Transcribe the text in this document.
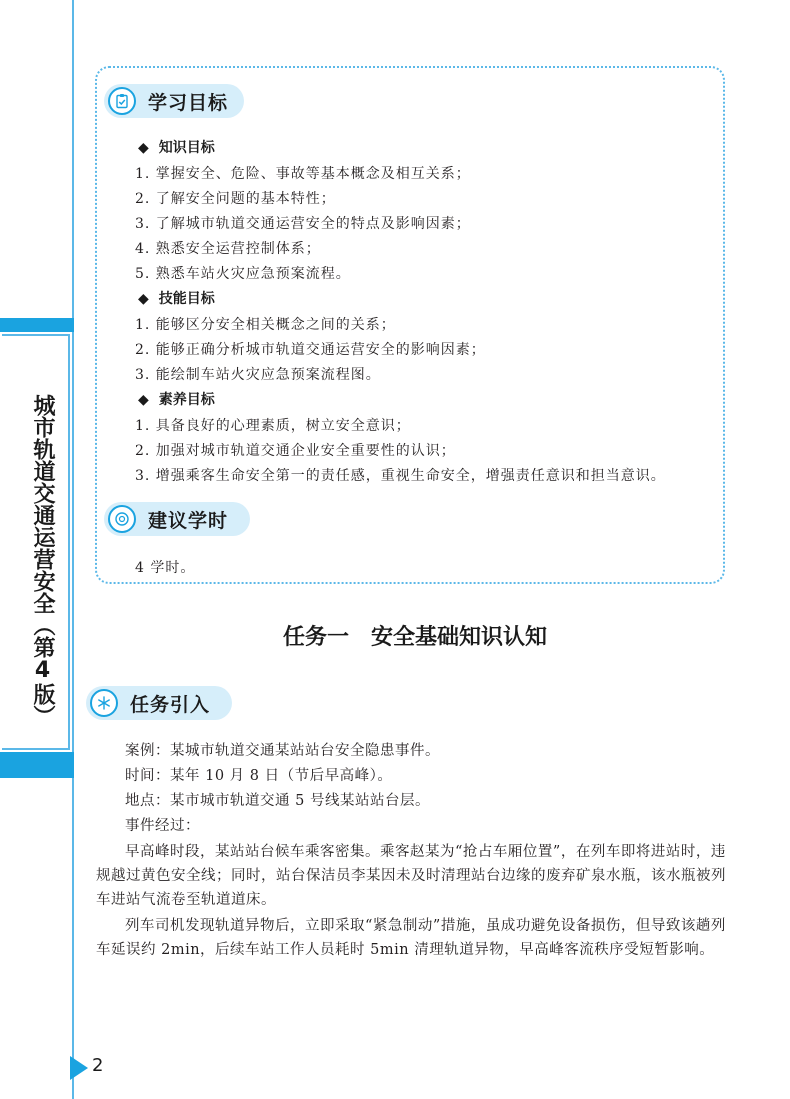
城市轨道交通运营安全（第4版）
2
学习目标
◆ 知识目标
1. 掌握安全、危险、事故等基本概念及相互关系；
2. 了解安全问题的基本特性；
3. 了解城市轨道交通运营安全的特点及影响因素；
4. 熟悉安全运营控制体系；
5. 熟悉车站火灾应急预案流程。
◆ 技能目标
1. 能够区分安全相关概念之间的关系；
2. 能够正确分析城市轨道交通运营安全的影响因素；
3. 能绘制车站火灾应急预案流程图。
◆ 素养目标
1. 具备良好的心理素质，树立安全意识；
2. 加强对城市轨道交通企业安全重要性的认识；
3. 增强乘客生命安全第一的责任感，重视生命安全，增强责任意识和担当意识。
建议学时
4 学时。
任务一　安全基础知识认知
任务引入
案例：某城市轨道交通某站站台安全隐患事件。
时间：某年 10 月 8 日（节后早高峰）。
地点：某市城市轨道交通 5 号线某站站台层。
事件经过：
早高峰时段，某站站台候车乘客密集。乘客赵某为“抢占车厢位置”，在列车即将进站时，违规越过黄色安全线；同时，站台保洁员李某因未及时清理站台边缘的废弃矿泉水瓶，该水瓶被列车进站气流卷至轨道道床。
列车司机发现轨道异物后，立即采取“紧急制动”措施，虽成功避免设备损伤，但导致该趟列车延误约 2min，后续车站工作人员耗时 5min 清理轨道异物，早高峰客流秩序受短暂影响。
